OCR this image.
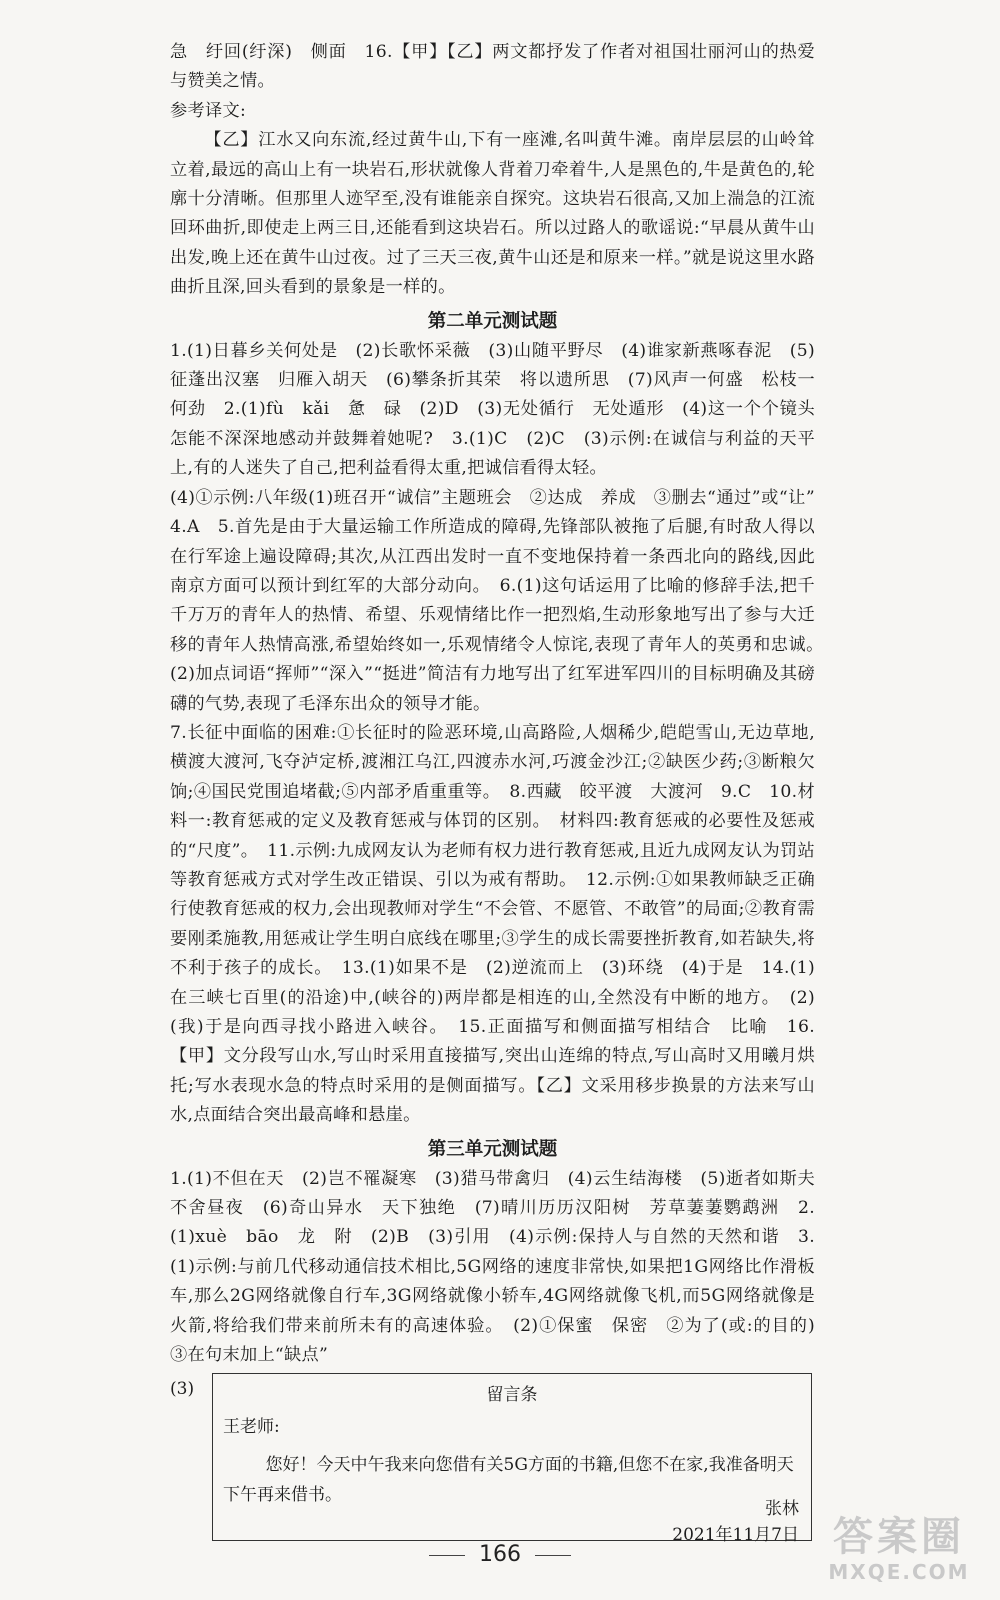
急　纡回(纡深)　侧面　16.【甲】【乙】两文都抒发了作者对祖国壮丽河山的热爱与赞美之情。

参考译文:

【乙】江水又向东流,经过黄牛山,下有一座滩,名叫黄牛滩。南岸层层的山岭耸立着,最远的高山上有一块岩石,形状就像人背着刀牵着牛,人是黑色的,牛是黄色的,轮廓十分清晰。但那里人迹罕至,没有谁能亲自探究。这块岩石很高,又加上湍急的江流回环曲折,即使走上两三日,还能看到这块岩石。所以过路人的歌谣说:“早晨从黄牛山出发,晚上还在黄牛山过夜。过了三天三夜,黄牛山还是和原来一样。”就是说这里水路曲折且深,回头看到的景象是一样的。

第二单元测试题

1.(1)日暮乡关何处是　(2)长歌怀采薇　(3)山随平野尽　(4)谁家新燕啄春泥　(5)征蓬出汉塞　归雁入胡天　(6)攀条折其荣　将以遗所思　(7)风声一何盛　松枝一何劲　2.(1)fù　kǎi　惫　碌　(2)D　(3)无处循行　无处遁形　(4)这一个个镜头怎能不深深地感动并鼓舞着她呢?　3.(1)C　(2)C　(3)示例:在诚信与利益的天平上,有的人迷失了自己,把利益看得太重,把诚信看得太轻。

(4)①示例:八年级(1)班召开“诚信”主题班会　②达成　养成　③删去“通过”或“让”　4.A　5.首先是由于大量运输工作所造成的障碍,先锋部队被拖了后腿,有时敌人得以在行军途上遍设障碍;其次,从江西出发时一直不变地保持着一条西北向的路线,因此南京方面可以预计到红军的大部分动向。　6.(1)这句话运用了比喻的修辞手法,把千千万万的青年人的热情、希望、乐观情绪比作一把烈焰,生动形象地写出了参与大迁移的青年人热情高涨,希望始终如一,乐观情绪令人惊诧,表现了青年人的英勇和忠诚。　(2)加点词语“挥师”“深入”“挺进”简洁有力地写出了红军进军四川的目标明确及其磅礴的气势,表现了毛泽东出众的领导才能。

7.长征中面临的困难:①长征时的险恶环境,山高路险,人烟稀少,皑皑雪山,无边草地,横渡大渡河,飞夺泸定桥,渡湘江乌江,四渡赤水河,巧渡金沙江;②缺医少药;③断粮欠饷;④国民党围追堵截;⑤内部矛盾重重等。　8.西藏　皎平渡　大渡河　9.C　10.材料一:教育惩戒的定义及教育惩戒与体罚的区别。　材料四:教育惩戒的必要性及惩戒的“尺度”。　11.示例:九成网友认为老师有权力进行教育惩戒,且近九成网友认为罚站等教育惩戒方式对学生改正错误、引以为戒有帮助。　12.示例:①如果教师缺乏正确行使教育惩戒的权力,会出现教师对学生“不会管、不愿管、不敢管”的局面;②教育需要刚柔施教,用惩戒让学生明白底线在哪里;③学生的成长需要挫折教育,如若缺失,将不利于孩子的成长。　13.(1)如果不是　(2)逆流而上　(3)环绕　(4)于是　14.(1)在三峡七百里(的沿途)中,(峡谷的)两岸都是相连的山,全然没有中断的地方。　(2)(我)于是向西寻找小路进入峡谷。　15.正面描写和侧面描写相结合　比喻　16.【甲】文分段写山水,写山时采用直接描写,突出山连绵的特点,写山高时又用曦月烘托;写水表现水急的特点时采用的是侧面描写。【乙】文采用移步换景的方法来写山水,点面结合突出最高峰和悬崖。

第三单元测试题

1.(1)不但在天　(2)岂不罹凝寒　(3)猎马带禽归　(4)云生结海楼　(5)逝者如斯夫　不舍昼夜　(6)奇山异水　天下独绝　(7)晴川历历汉阳树　芳草萋萋鹦鹉洲　2.(1)xuè　bāo　龙　附　(2)B　(3)引用　(4)示例:保持人与自然的天然和谐　3.(1)示例:与前几代移动通信技术相比,5G网络的速度非常快,如果把1G网络比作滑板车,那么2G网络就像自行车,3G网络就像小轿车,4G网络就像飞机,而5G网络就像是火箭,将给我们带来前所未有的高速体验。　(2)①保蜜　保密　②为了(或:的目的)　③在句末加上“缺点”

(3)	留言条
王老师:
您好！今天中午我来向您借有关5G方面的书籍,但您不在家,我准备明天下午再来借书。
张林
2021年11月7日
166	答案圈
MXQE.COM
